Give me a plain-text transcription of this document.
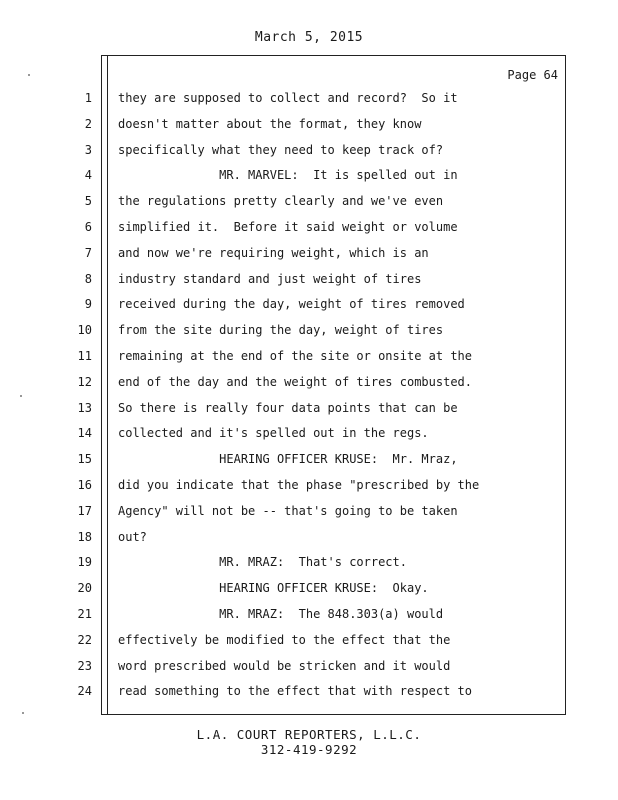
March 5, 2015
Page 64
1
2
3
4
5
6
7
8
9
10
11
12
13
14
15
16
17
18
19
20
21
22
23
24
they are supposed to collect and record?  So it
doesn't matter about the format, they know
specifically what they need to keep track of?
MR. MARVEL:  It is spelled out in
the regulations pretty clearly and we've even
simplified it.  Before it said weight or volume
and now we're requiring weight, which is an
industry standard and just weight of tires
received during the day, weight of tires removed
from the site during the day, weight of tires
remaining at the end of the site or onsite at the
end of the day and the weight of tires combusted.
So there is really four data points that can be
collected and it's spelled out in the regs.
HEARING OFFICER KRUSE:  Mr. Mraz,
did you indicate that the phase "prescribed by the
Agency" will not be -- that's going to be taken
out?
MR. MRAZ:  That's correct.
HEARING OFFICER KRUSE:  Okay.
MR. MRAZ:  The 848.303(a) would
effectively be modified to the effect that the
word prescribed would be stricken and it would
read something to the effect that with respect to
L.A. COURT REPORTERS, L.L.C.
312-419-9292
